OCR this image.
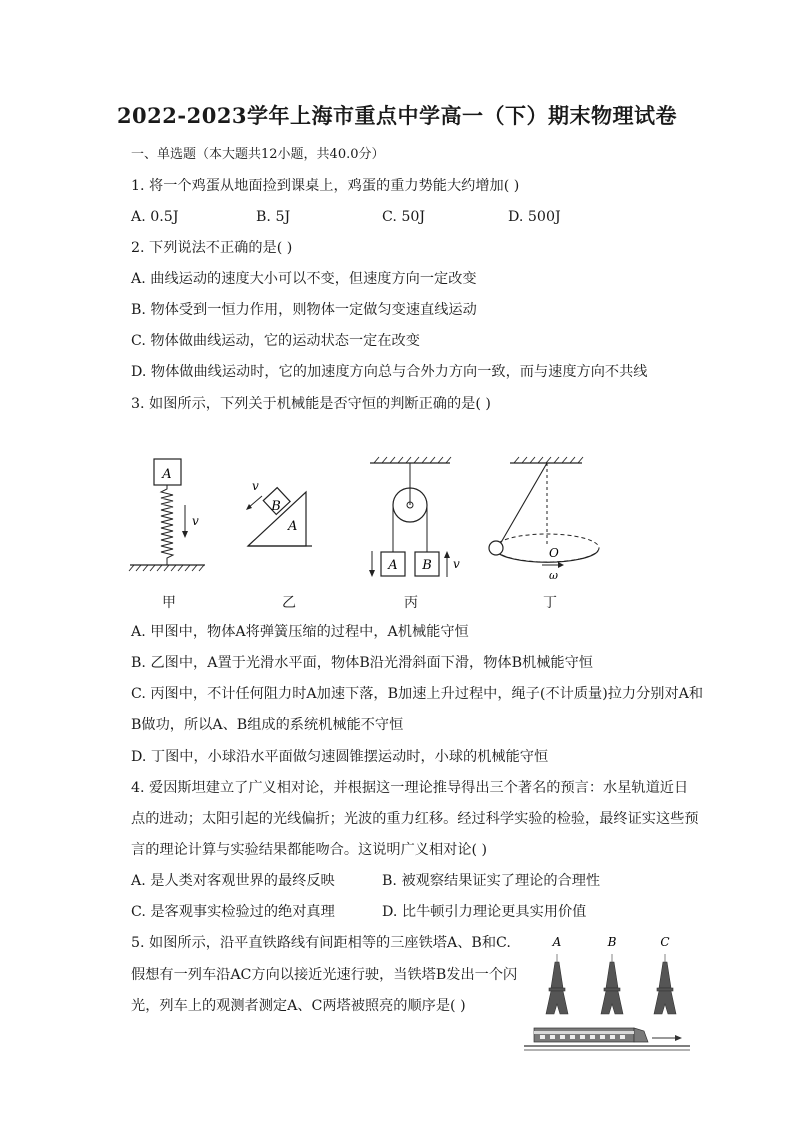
2022-2023学年上海市重点中学高一（下）期末物理试卷
一、单选题（本大题共12小题，共40.0分）
1. 将一个鸡蛋从地面捡到课桌上，鸡蛋的重力势能大约增加( )
A. 0.5J	B. 5J	C. 50J	D. 500J
2. 下列说法不正确的是( )
A. 曲线运动的速度大小可以不变，但速度方向一定改变
B. 物体受到一恒力作用，则物体一定做匀变速直线运动
C. 物体做曲线运动，它的运动状态一定在改变
D. 物体做曲线运动时，它的加速度方向总与合外力方向一致，而与速度方向不共线
3. 如图所示，下列关于机械能是否守恒的判断正确的是( )
A
v
甲
B
A
v
乙
A B v
丙
O
ω
丁
A. 甲图中，物体A将弹簧压缩的过程中，A机械能守恒
B. 乙图中，A置于光滑水平面，物体B沿光滑斜面下滑，物体B机械能守恒
C. 丙图中，不计任何阻力时A加速下落，B加速上升过程中，绳子(不计质量)拉力分别对A和
B做功，所以A、B组成的系统机械能不守恒
D. 丁图中，小球沿水平面做匀速圆锥摆运动时，小球的机械能守恒
4. 爱因斯坦建立了广义相对论，并根据这一理论推导得出三个著名的预言：水星轨道近日
点的进动；太阳引起的光线偏折；光波的重力红移。经过科学实验的检验，最终证实这些预
言的理论计算与实验结果都能吻合。这说明广义相对论( )
A. 是人类对客观世界的最终反映	B. 被观察结果证实了理论的合理性
C. 是客观事实检验过的绝对真理	D. 比牛顿引力理论更具实用价值
5. 如图所示，沿平直铁路线有间距相等的三座铁塔A、B和C.
假想有一列车沿AC方向以接近光速行驶，当铁塔B发出一个闪
光，列车上的观测者测定A、C两塔被照亮的顺序是( )
A	B	C
